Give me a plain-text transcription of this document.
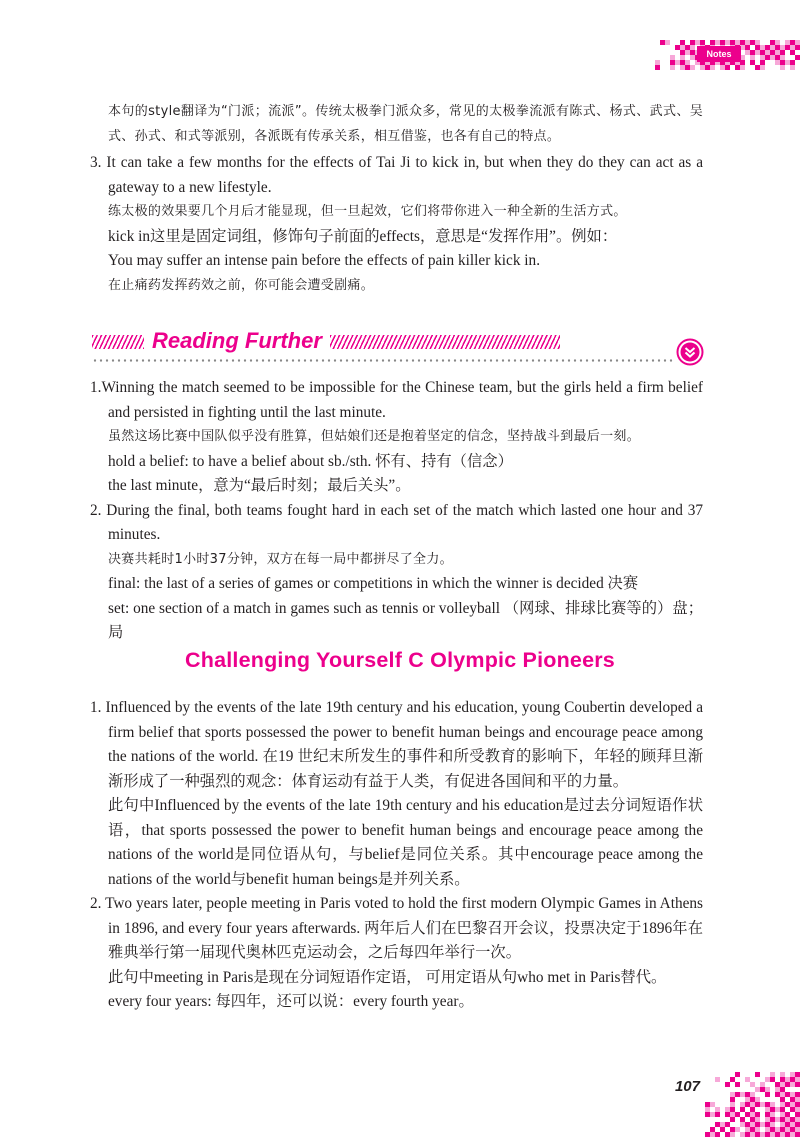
Notes

本句的style翻译为“门派；流派”。传统太极拳门派众多，常见的太极拳流派有陈式、杨式、武式、吴式、孙式、和式等派别，各派既有传承关系，相互借鉴，也各有自己的特点。

3. It can take a few months for the effects of Tai Ji to kick in, but when they do they can act as a gateway to a new lifestyle.

练太极的效果要几个月后才能显现，但一旦起效，它们将带你进入一种全新的生活方式。

kick in这里是固定词组，修饰句子前面的effects，意思是“发挥作用”。例如：

You may suffer an intense pain before the effects of pain killer kick in.

在止痛药发挥药效之前，你可能会遭受剧痛。

Reading Further

1.Winning the match seemed to be impossible for the Chinese team, but the girls held a firm belief and persisted in fighting until the last minute.

虽然这场比赛中国队似乎没有胜算，但姑娘们还是抱着坚定的信念，坚持战斗到最后一刻。

hold a belief: to have a belief about sb./sth. 怀有、持有（信念）

the last minute，意为“最后时刻；最后关头”。

2. During the final, both teams fought hard in each set of the match which lasted one hour and 37 minutes.

决赛共耗时1小时37分钟，双方在每一局中都拼尽了全力。

final: the last of a series of games or competitions in which the winner is decided 决赛

set: one section of a match in games such as tennis or volleyball （网球、排球比赛等的）盘；局

Challenging Yourself C Olympic Pioneers

1. Influenced by the events of the late 19th century and his education, young Coubertin developed a firm belief that sports possessed the power to benefit human beings and encourage peace among the nations of the world. 在19 世纪末所发生的事件和所受教育的影响下，年轻的顾拜旦渐渐形成了一种强烈的观念：体育运动有益于人类，有促进各国间和平的力量。

此句中Influenced by the events of the late 19th century and his education是过去分词短语作状语，that sports possessed the power to benefit human beings and encourage peace among the nations of the world是同位语从句，与belief是同位关系。其中encourage peace among the nations of the world与benefit human beings是并列关系。

2. Two years later, people meeting in Paris voted to hold the first modern Olympic Games in Athens in 1896, and every four years afterwards. 两年后人们在巴黎召开会议，投票决定于1896年在雅典举行第一届现代奥林匹克运动会，之后每四年举行一次。

此句中meeting in Paris是现在分词短语作定语， 可用定语从句who met in Paris替代。

every four years: 每四年，还可以说：every fourth year。

107
